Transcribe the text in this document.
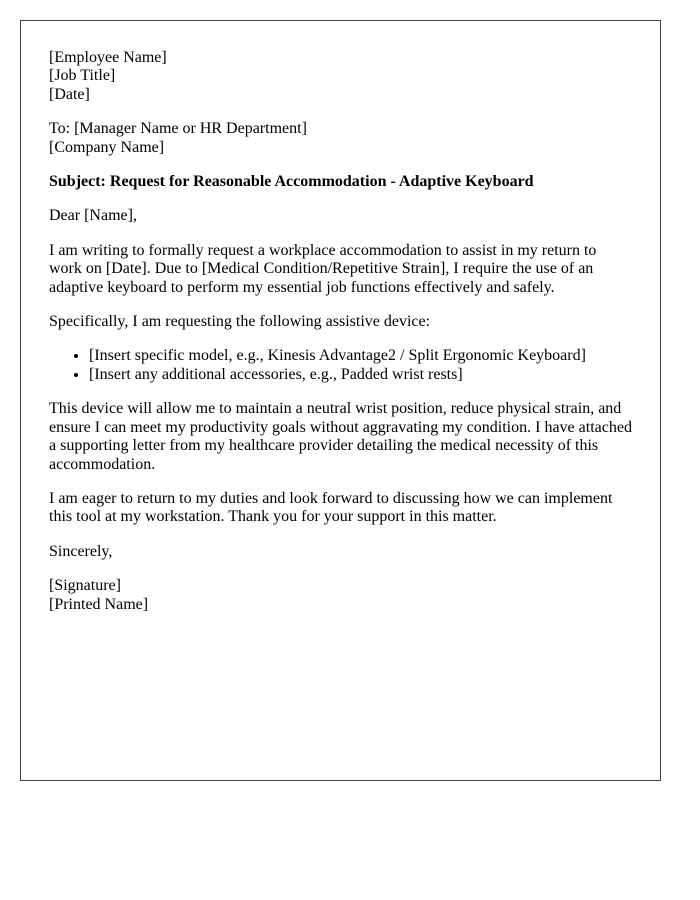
[Employee Name]
[Job Title]
[Date]

To: [Manager Name or HR Department]
[Company Name]

Subject: Request for Reasonable Accommodation - Adaptive Keyboard

Dear [Name],

I am writing to formally request a workplace accommodation to assist in my return to work on [Date]. Due to [Medical Condition/Repetitive Strain], I require the use of an adaptive keyboard to perform my essential job functions effectively and safely.

Specifically, I am requesting the following assistive device:

• [Insert specific model, e.g., Kinesis Advantage2 / Split Ergonomic Keyboard]
• [Insert any additional accessories, e.g., Padded wrist rests]

This device will allow me to maintain a neutral wrist position, reduce physical strain, and ensure I can meet my productivity goals without aggravating my condition. I have attached a supporting letter from my healthcare provider detailing the medical necessity of this accommodation.

I am eager to return to my duties and look forward to discussing how we can implement this tool at my workstation. Thank you for your support in this matter.

Sincerely,

[Signature]
[Printed Name]
